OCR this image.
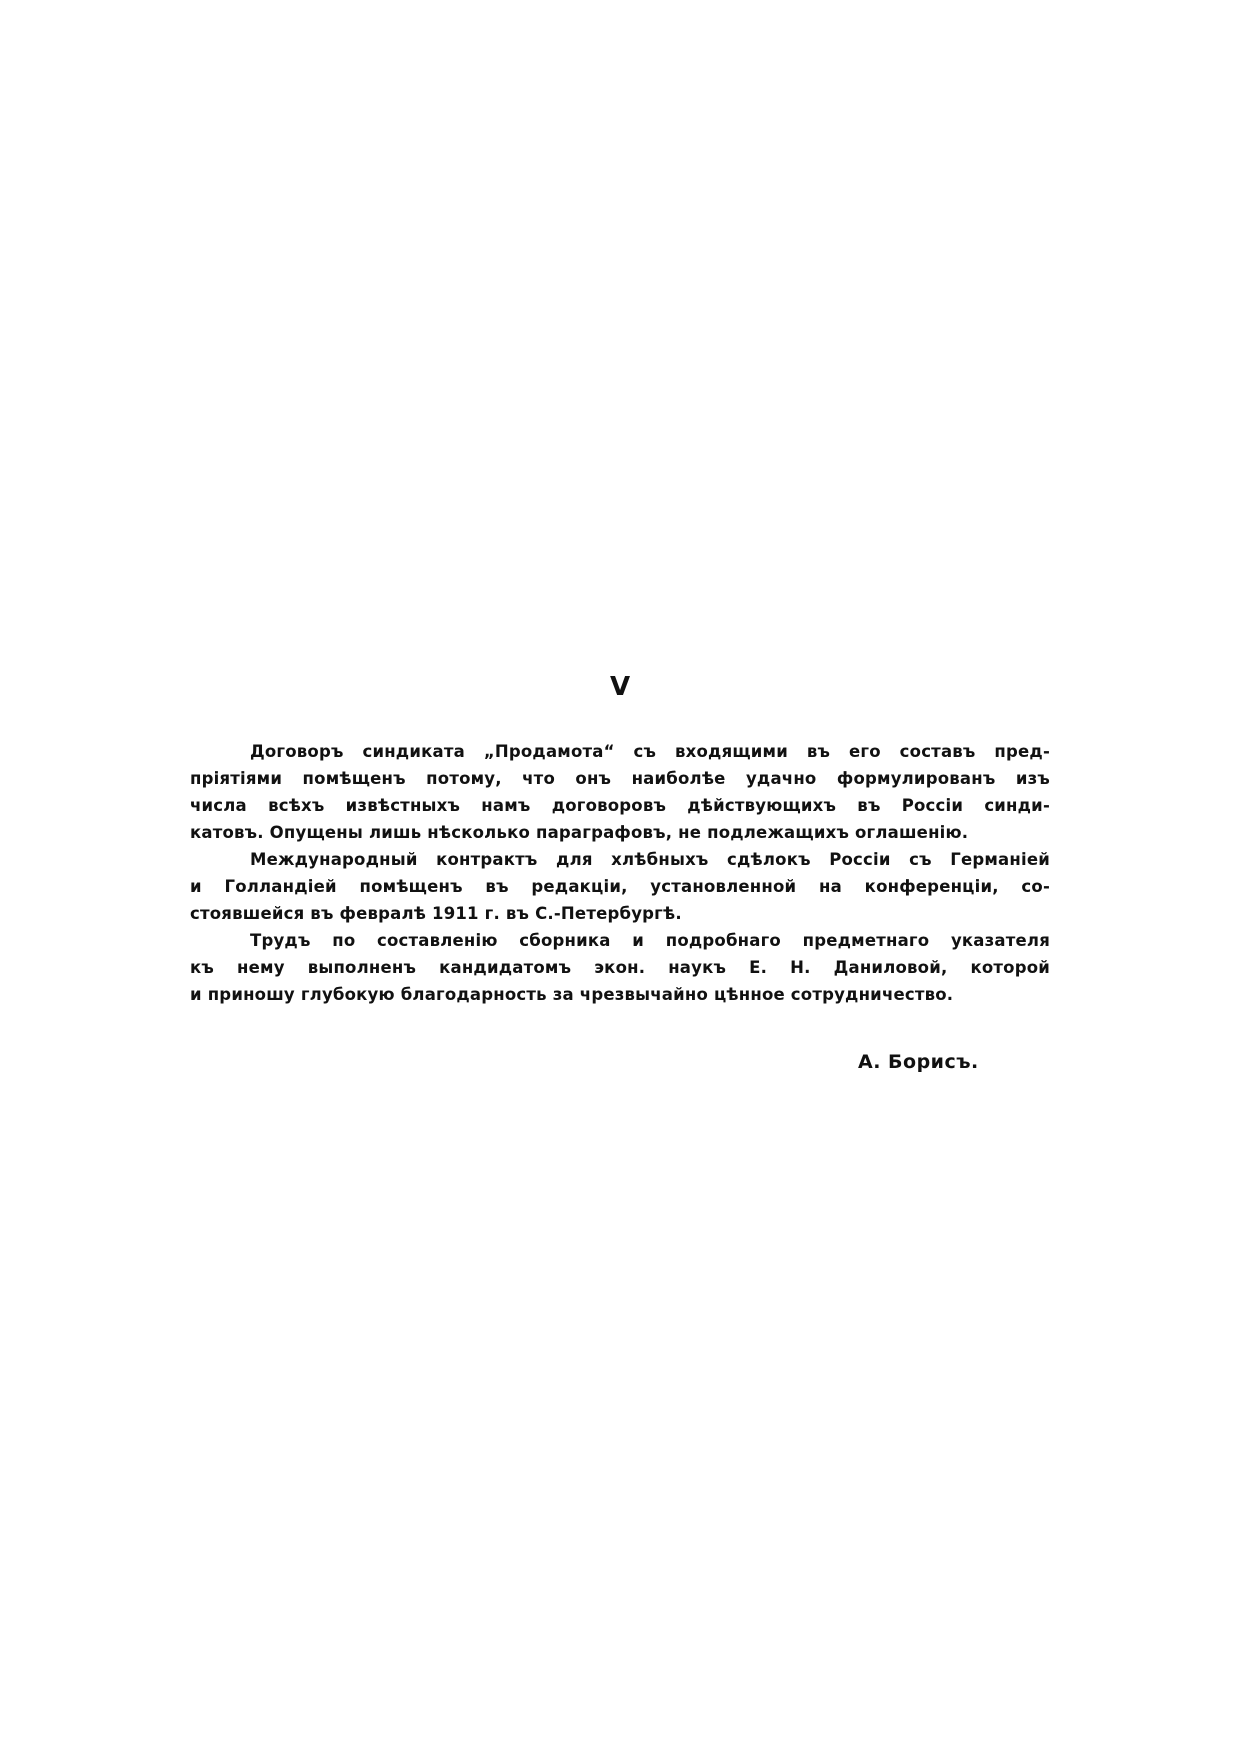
V
Договоръ синдиката „Продамота“ съ входящими въ его составъ пред-
пріятіями помѣщенъ потому, что онъ наиболѣе удачно формулированъ изъ
числа всѣхъ извѣстныхъ намъ договоровъ дѣйствующихъ въ Россіи синди-
катовъ. Опущены лишь нѣсколько параграфовъ, не подлежащихъ оглашенію.
Международный контрактъ для хлѣбныхъ сдѣлокъ Россіи съ Германіей
и Голландіей помѣщенъ въ редакціи, установленной на конференціи, со-
стоявшейся въ февралѣ 1911 г. въ С.-Петербургѣ.
Трудъ по составленію сборника и подробнаго предметнаго указателя
къ нему выполненъ кандидатомъ экон. наукъ Е. Н. Даниловой, которой
и приношу глубокую благодарность за чрезвычайно цѣнное сотрудничество.
А. Борисъ.
